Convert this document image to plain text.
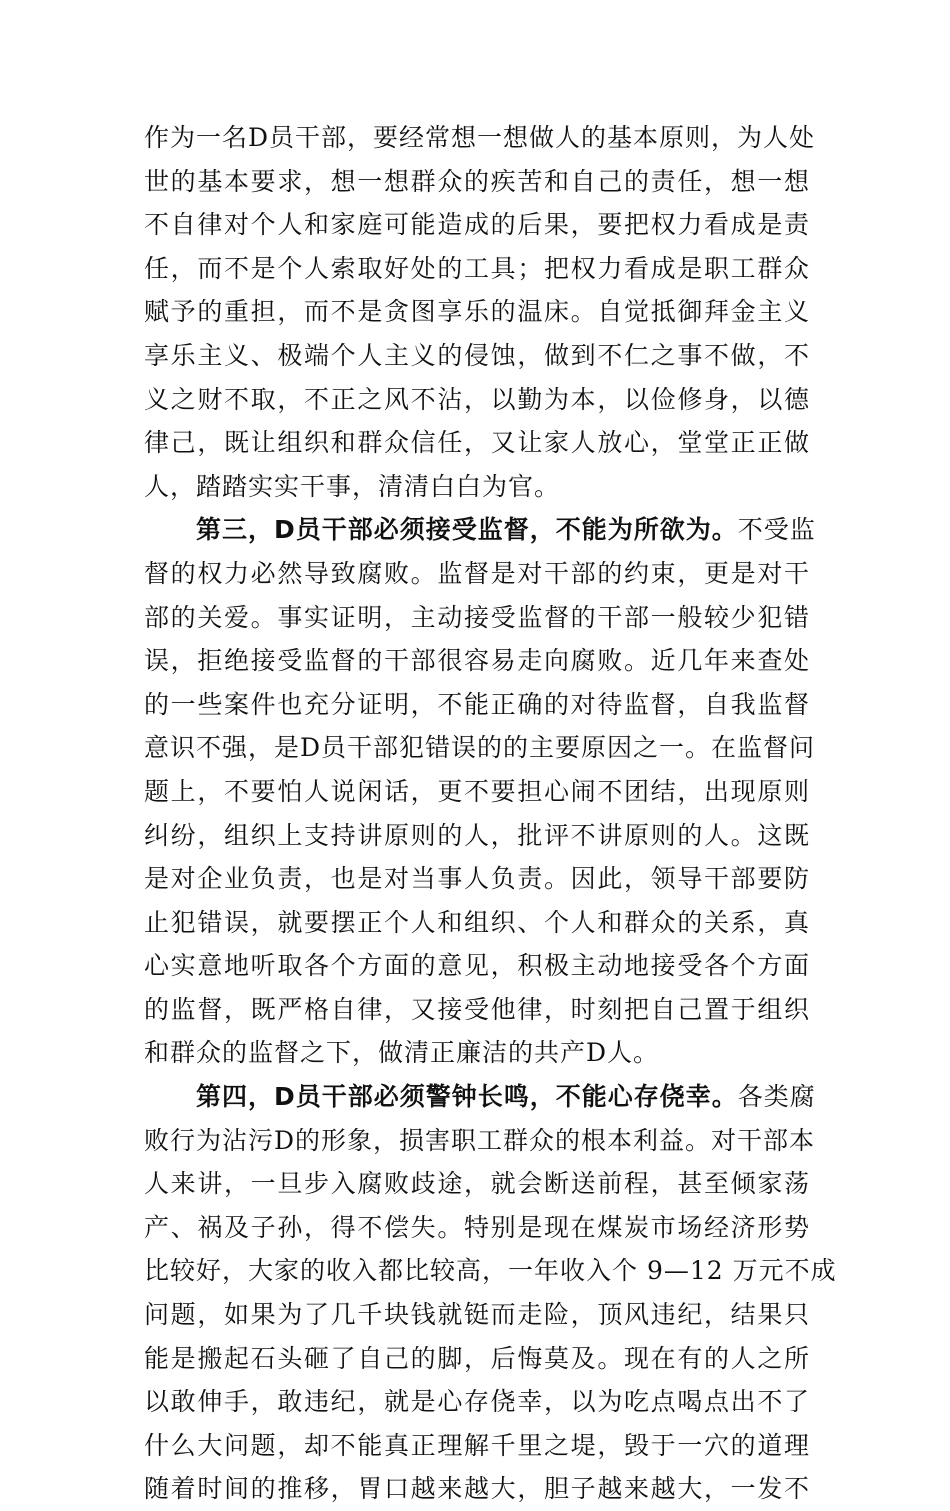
作为一名D员干部，要经常想一想做人的基本原则，为人处
世的基本要求，想一想群众的疾苦和自己的责任，想一想
不自律对个人和家庭可能造成的后果，要把权力看成是责
任，而不是个人索取好处的工具；把权力看成是职工群众
赋予的重担，而不是贪图享乐的温床。自觉抵御拜金主义
享乐主义、极端个人主义的侵蚀，做到不仁之事不做，不
义之财不取，不正之风不沾，以勤为本，以俭修身，以德
律己，既让组织和群众信任，又让家人放心，堂堂正正做
人，踏踏实实干事，清清白白为官。
第三，D员干部必须接受监督，不能为所欲为。不受监
督的权力必然导致腐败。监督是对干部的约束，更是对干
部的关爱。事实证明，主动接受监督的干部一般较少犯错
误，拒绝接受监督的干部很容易走向腐败。近几年来查处
的一些案件也充分证明，不能正确的对待监督，自我监督
意识不强，是D员干部犯错误的的主要原因之一。在监督问
题上，不要怕人说闲话，更不要担心闹不团结，出现原则
纠纷，组织上支持讲原则的人，批评不讲原则的人。这既
是对企业负责，也是对当事人负责。因此，领导干部要防
止犯错误，就要摆正个人和组织、个人和群众的关系，真
心实意地听取各个方面的意见，积极主动地接受各个方面
的监督，既严格自律，又接受他律，时刻把自己置于组织
和群众的监督之下，做清正廉洁的共产D人。
第四，D员干部必须警钟长鸣，不能心存侥幸。各类腐
败行为沾污D的形象，损害职工群众的根本利益。对干部本
人来讲，一旦步入腐败歧途，就会断送前程，甚至倾家荡
产、祸及子孙，得不偿失。特别是现在煤炭市场经济形势
比较好，大家的收入都比较高，一年收入个 9—12 万元不成
问题，如果为了几千块钱就铤而走险，顶风违纪，结果只
能是搬起石头砸了自己的脚，后悔莫及。现在有的人之所
以敢伸手，敢违纪，就是心存侥幸，以为吃点喝点出不了
什么大问题，却不能真正理解千里之堤，毁于一穴的道理
随着时间的推移，胃口越来越大，胆子越来越大，一发不
